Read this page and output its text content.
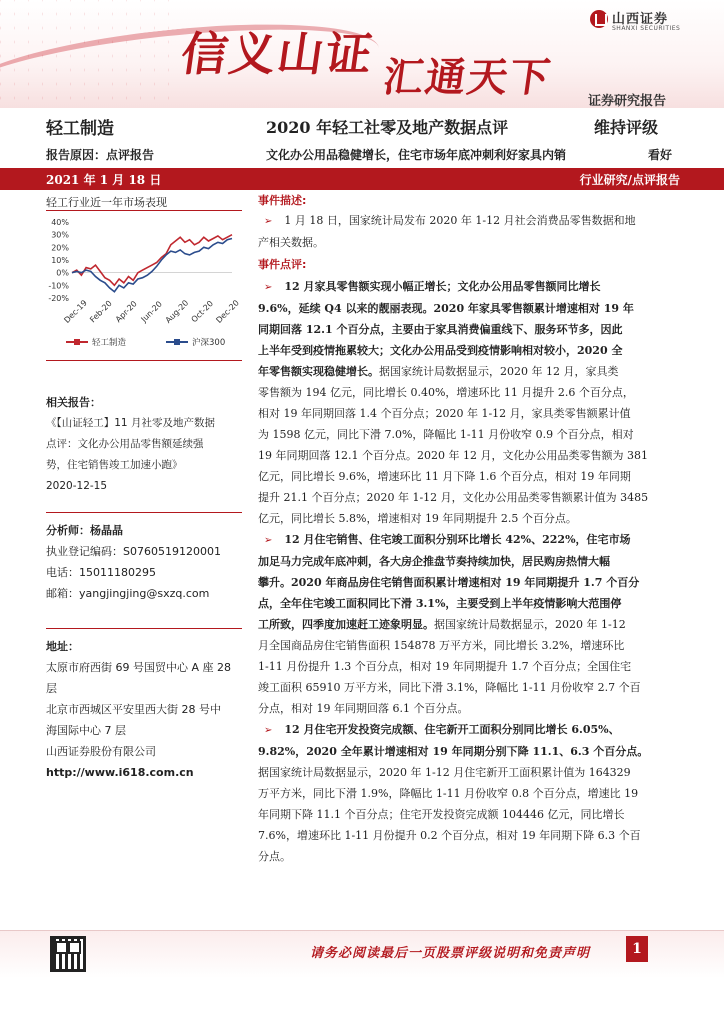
信义山证 汇通天下
山西证券
SHANXI SECURITIES
证券研究报告
轻工制造	2020 年轻工社零及地产数据点评	维持评级
报告原因：点评报告	文化办公用品稳健增长，住宅市场年底冲刺利好家具内销	看好
2021 年 1 月 18 日	行业研究/点评报告
轻工行业近一年市场表现
40%
30%
20%
10%
0%
-10%
-20%
Dec-19 Feb-20 Apr-20 Jun-20 Aug-20 Oct-20 Dec-20
轻工制造	沪深300
相关报告：
《【山证轻工】11 月社零及地产数据
点评：文化办公用品零售额延续强
势，住宅销售竣工加速小跑》
2020-12-15
分析师：杨晶晶
执业登记编码：S0760519120001
电话：15011180295
邮箱：yangjingjing@sxzq.com
地址：
太原市府西街 69 号国贸中心 A 座 28
层
北京市西城区平安里西大街 28 号中
海国际中心 7 层
山西证券股份有限公司
http://www.i618.com.cn
事件描述:
➢ 1 月 18 日，国家统计局发布 2020 年 1-12 月社会消费品零售数据和地
产相关数据。
事件点评:
➢ 12 月家具零售额实现小幅正增长；文化办公用品零售额同比增长
9.6%，延续 Q4 以来的靓丽表现。2020 年家具零售额累计增速相对 19 年
同期回落 12.1 个百分点，主要由于家具消费偏重线下、服务环节多，因此
上半年受到疫情拖累较大；文化办公用品受到疫情影响相对较小，2020 全
年零售额实现稳健增长。据国家统计局数据显示，2020 年 12 月，家具类
零售额为 194 亿元，同比增长 0.40%，增速环比 11 月提升 2.6 个百分点，
相对 19 年同期回落 1.4 个百分点；2020 年 1-12 月，家具类零售额累计值
为 1598 亿元，同比下滑 7.0%，降幅比 1-11 月份收窄 0.9 个百分点，相对
19 年同期回落 12.1 个百分点。2020 年 12 月，文化办公用品类零售额为 381
亿元，同比增长 9.6%，增速环比 11 月下降 1.6 个百分点，相对 19 年同期
提升 21.1 个百分点；2020 年 1-12 月，文化办公用品类零售额累计值为 3485
亿元，同比增长 5.8%，增速相对 19 年同期提升 2.5 个百分点。
➢ 12 月住宅销售、住宅竣工面积分别环比增长 42%、222%，住宅市场
加足马力完成年底冲刺，各大房企推盘节奏持续加快，居民购房热情大幅
攀升。2020 年商品房住宅销售面积累计增速相对 19 年同期提升 1.7 个百分
点，全年住宅竣工面积同比下滑 3.1%，主要受到上半年疫情影响大范围停
工所致，四季度加速赶工迹象明显。据国家统计局数据显示，2020 年 1-12
月全国商品房住宅销售面积 154878 万平方米，同比增长 3.2%，增速环比
1-11 月份提升 1.3 个百分点，相对 19 年同期提升 1.7 个百分点；全国住宅
竣工面积 65910 万平方米，同比下滑 3.1%，降幅比 1-11 月份收窄 2.7 个百
分点，相对 19 年同期回落 6.1 个百分点。
➢ 12 月住宅开发投资完成额、住宅新开工面积分别同比增长 6.05%、
9.82%，2020 全年累计增速相对 19 年同期分别下降 11.1、6.3 个百分点。
据国家统计局数据显示，2020 年 1-12 月住宅新开工面积累计值为 164329
万平方米，同比下滑 1.9%，降幅比 1-11 月份收窄 0.8 个百分点，增速比 19
年同期下降 11.1 个百分点；住宅开发投资完成额 104446 亿元，同比增长
7.6%，增速环比 1-11 月份提升 0.2 个百分点，相对 19 年同期下降 6.3 个百
分点。
请务必阅读最后一页股票评级说明和免责声明	1
